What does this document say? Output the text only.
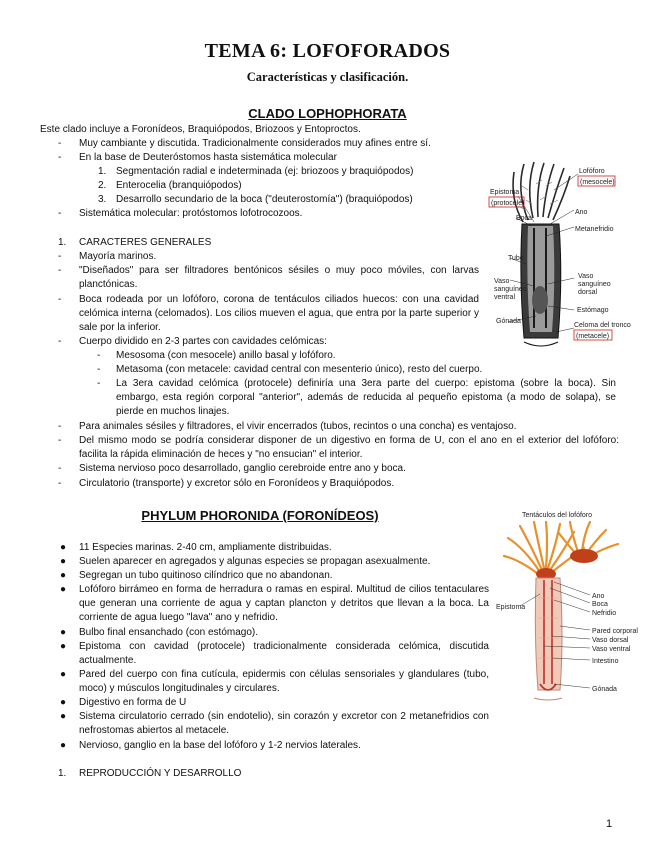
TEMA 6: LOFOFORADOS
Características y clasificación.
CLADO LOPHOPHORATA
Este clado incluye a Foronídeos, Braquiópodos, Briozoos y Entoproctos.
- Muy cambiante y discutida. Tradicionalmente considerados muy afines entre sí.
- En la base de Deuteróstomos hasta sistemática molecular
1. Segmentación radial e indeterminada (ej: briozoos y braquiópodos)
2. Enterocelia (branquiópodos)
3. Desarrollo secundario de la boca ("deuterostomía") (braquiópodos)
- Sistemática molecular: protóstomos lofotrocozoos.
1. CARACTERES GENERALES
- Mayoría marinos.
- "Diseñados" para ser filtradores bentónicos sésiles o muy poco móviles, con larvas planctónicas.
- Boca rodeada por un lofóforo, corona de tentáculos ciliados huecos: con una cavidad celómica interna (celomados). Los cilios mueven el agua, que entra por la parte superior y sale por la inferior.
- Cuerpo dividido en 2-3 partes con cavidades celómicas:
- Mesosoma (con mesocele) anillo basal y lofóforo.
- Metasoma (con metacele: cavidad central con mesenterio único), resto del cuerpo.
- La 3era cavidad celómica (protocele) definiría una 3era parte del cuerpo: epistoma (sobre la boca). Sin embargo, esta región corporal "anterior", además de reducida al pequeño epistoma (a modo de solapa), se pierde en muchos linajes.
- Para animales sésiles y filtradores, el vivir encerrados (tubos, recintos o una concha) es ventajoso.
- Del mismo modo se podría considerar disponer de un digestivo en forma de U, con el ano en el exterior del lofóforo: facilita la rápida eliminación de heces y "no ensucian" el interior.
- Sistema nervioso poco desarrollado, ganglio cerebroide entre ano y boca.
- Circulatorio (transporte) y excretor sólo en Foronídeos y Braquiópodos.
Lofóforo
(mesocele)
Epistoma
(protocele)
Ano
Boca
Metanefridio
Tubo
Vaso
sanguíneo
ventral
Vaso
sanguíneo
dorsal
Estómago
Gónada
Celoma del tronco
(metacele)
PHYLUM PHORONIDA (FORONÍDEOS)
● 11 Especies marinas. 2-40 cm, ampliamente distribuidas.
● Suelen aparecer en agregados y algunas especies se propagan asexualmente.
● Segregan un tubo quitinoso cilíndrico que no abandonan.
● Lofóforo birrámeo en forma de herradura o ramas en espiral. Multitud de cilios tentaculares que generan una corriente de agua y captan plancton y detritos que llevan a la boca. La corriente de agua luego "lava" ano y nefridio.
● Bulbo final ensanchado (con estómago).
● Epistoma con cavidad (protocele) tradicionalmente considerada celómica, discutida actualmente.
● Pared del cuerpo con fina cutícula, epidermis con células sensoriales y glandulares (tubo, moco) y músculos longitudinales y circulares.
● Digestivo en forma de U
● Sistema circulatorio cerrado (sin endotelio), sin corazón y excretor con 2 metanefridios con nefrostomas abiertos al metacele.
● Nervioso, ganglio en la base del lofóforo y 1-2 nervios laterales.
1. REPRODUCCIÓN Y DESARROLLO
Tentáculos del lofóforo
Epistoma
Ano
Boca
Nefridio
Pared corporal
Vaso dorsal
Vaso ventral
Intestino
Gónada
1
